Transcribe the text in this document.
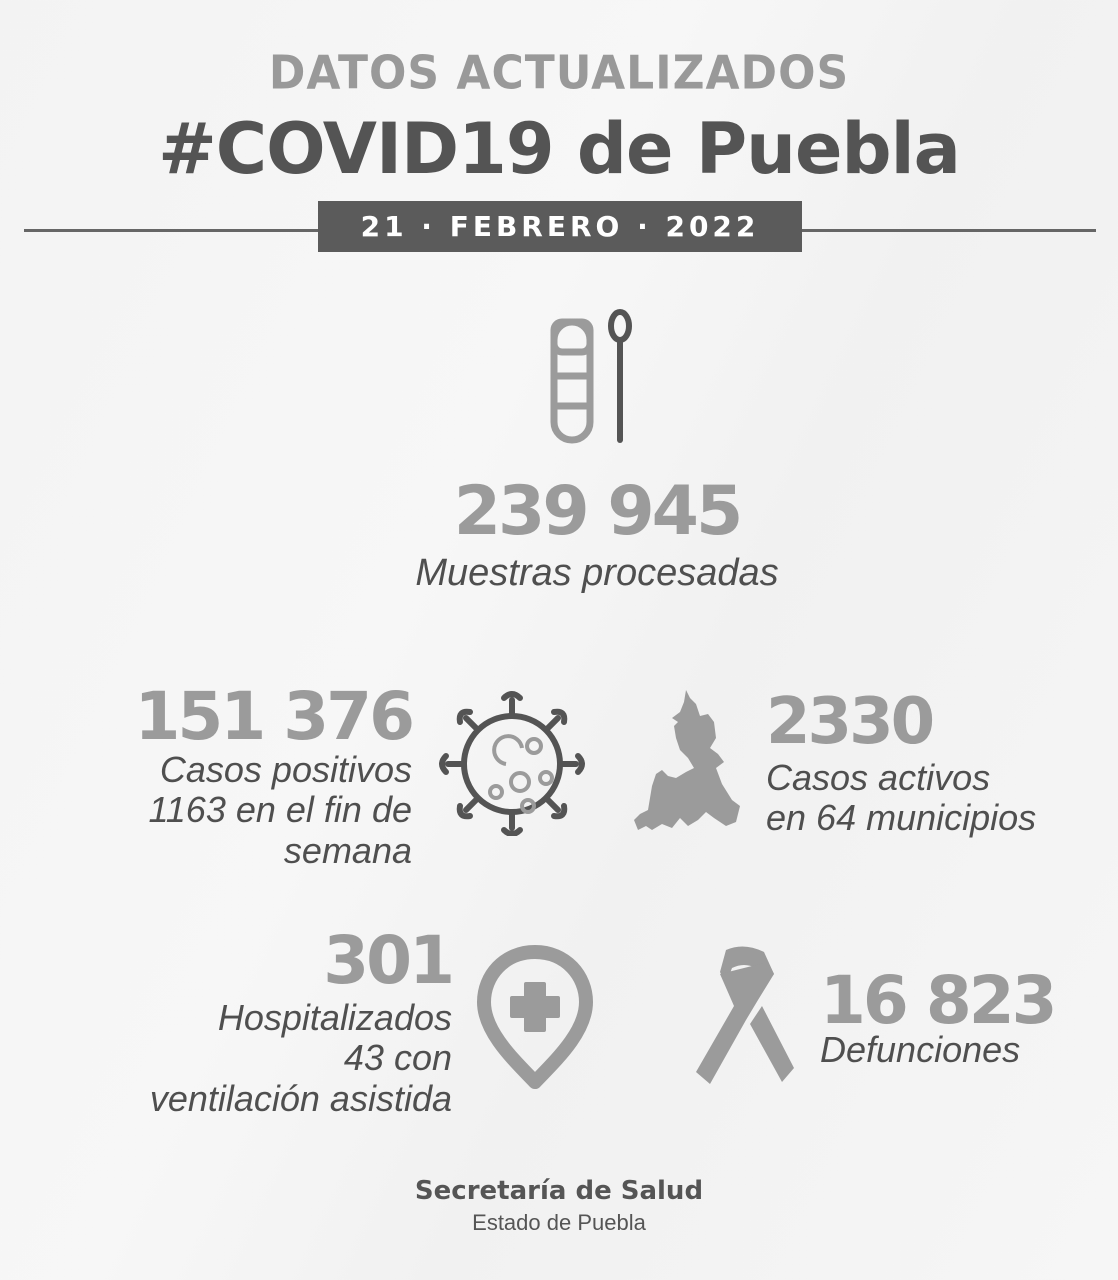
DATOS ACTUALIZADOS
#COVID19 de Puebla
21 · FEBRERO · 2022
239 945
Muestras procesadas
151 376
Casos positivos
1163 en el fin de
semana
2330
Casos activos
en 64 municipios
301
Hospitalizados
43 con
ventilación asistida
16 823
Defunciones
Secretaría de Salud
Estado de Puebla
